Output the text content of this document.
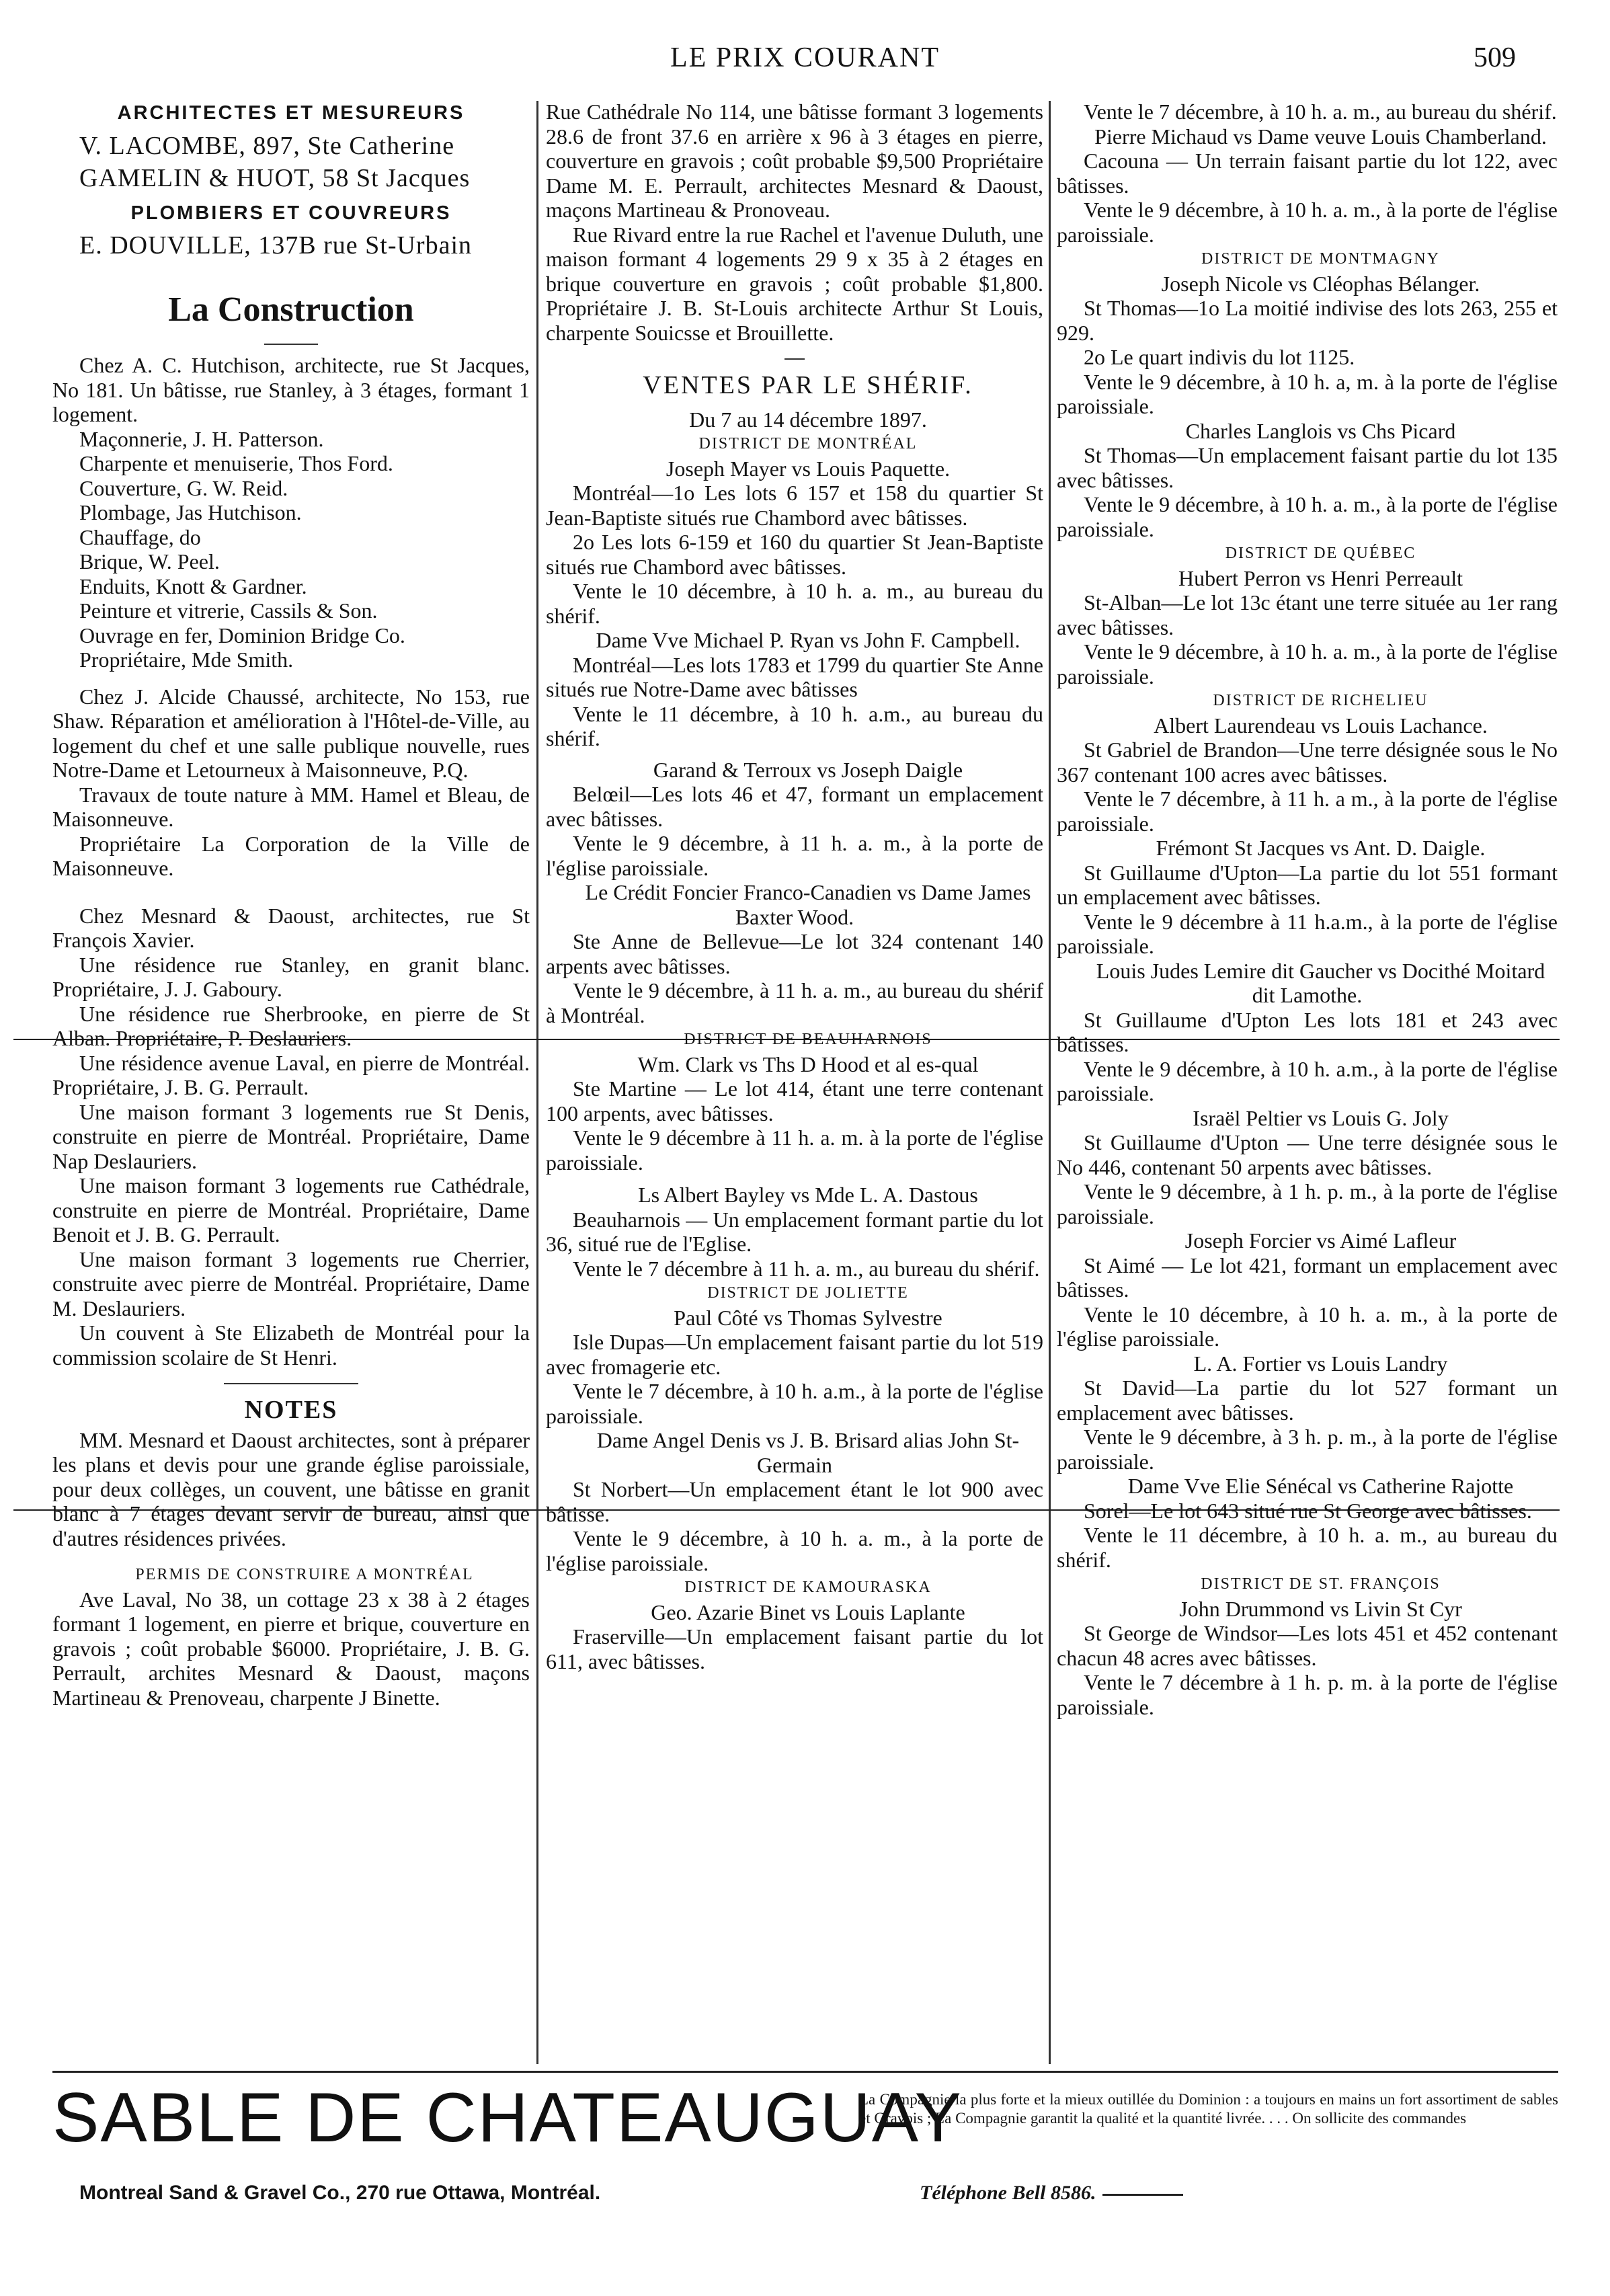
LE PRIX COURANT	509
ARCHITECTES ET MESUREURS

V. LACOMBE, 897, Ste Catherine

GAMELIN & HUOT, 58 St Jacques

PLOMBIERS ET COUVREURS

E. DOUVILLE, 137B rue St-Urbain

La Construction

Chez A. C. Hutchison, architecte, rue St Jacques, No 181. Un bâtisse, rue Stanley, à 3 étages, formant 1 logement.

Maçonnerie, J. H. Patterson.

Charpente et menuiserie, Thos Ford.

Couverture, G. W. Reid.

Plombage, Jas Hutchison.

Chauffage, do

Brique, W. Peel.

Enduits, Knott & Gardner.

Peinture et vitrerie, Cassils & Son.

Ouvrage en fer, Dominion Bridge Co.

Propriétaire, Mde Smith.

Chez J. Alcide Chaussé, architecte, No 153, rue Shaw. Réparation et amélioration à l'Hôtel-de-Ville, au logement du chef et une salle publique nouvelle, rues Notre-Dame et Letourneux à Maisonneuve, P.Q.

Travaux de toute nature à MM. Hamel et Bleau, de Maisonneuve.

Propriétaire La Corporation de la Ville de Maisonneuve.

Chez Mesnard & Daoust, architectes, rue St François Xavier.

Une résidence rue Stanley, en granit blanc. Propriétaire, J. J. Gaboury.

Une résidence rue Sherbrooke, en pierre de St Alban. Propriétaire, P. Deslauriers.

Une résidence avenue Laval, en pierre de Montréal. Propriétaire, J. B. G. Perrault.

Une maison formant 3 logements rue St Denis, construite en pierre de Montréal. Propriétaire, Dame Nap Deslauriers.

Une maison formant 3 logements rue Cathédrale, construite en pierre de Montréal. Propriétaire, Dame Benoit et J. B. G. Perrault.

Une maison formant 3 logements rue Cherrier, construite avec pierre de Montréal. Propriétaire, Dame M. Deslauriers.

Un couvent à Ste Elizabeth de Montréal pour la commission scolaire de St Henri.

NOTES

MM. Mesnard et Daoust architectes, sont à préparer les plans et devis pour une grande église paroissiale, pour deux collèges, un couvent, une bâtisse en granit blanc à 7 étages devant servir de bureau, ainsi que d'autres résidences privées.

PERMIS DE CONSTRUIRE A MONTRÉAL

Ave Laval, No 38, un cottage 23 x 38 à 2 étages formant 1 logement, en pierre et brique, couverture en gravois ; coût probable $6000. Propriétaire, J. B. G. Perrault, archites Mesnard & Daoust, maçons Martineau & Prenoveau, charpente J Binette.

Rue Cathédrale No 114, une bâtisse formant 3 logements 28.6 de front 37.6 en arrière x 96 à 3 étages en pierre, couverture en gravois ; coût probable $9,500 Propriétaire Dame M. E. Perrault, architectes Mesnard & Daoust, maçons Martineau & Pronoveau.

Rue Rivard entre la rue Rachel et l'avenue Duluth, une maison formant 4 logements 29 9 x 35 à 2 étages en brique couverture en gravois ; coût probable $1,800. Propriétaire J. B. St-Louis architecte Arthur St Louis, charpente Souicsse et Brouillette.

VENTES PAR LE SHÉRIF.

Du 7 au 14 décembre 1897.

DISTRICT DE MONTRÉAL

Joseph Mayer vs Louis Paquette.

Montréal—1o Les lots 6 157 et 158 du quartier St Jean-Baptiste situés rue Chambord avec bâtisses.

2o Les lots 6-159 et 160 du quartier St Jean-Baptiste situés rue Chambord avec bâtisses.

Vente le 10 décembre, à 10 h. a. m., au bureau du shérif.

Dame Vve Michael P. Ryan vs John F. Campbell.

Montréal—Les lots 1783 et 1799 du quartier Ste Anne situés rue Notre-Dame avec bâtisses

Vente le 11 décembre, à 10 h. a.m., au bureau du shérif.

Garand & Terroux vs Joseph Daigle

Belœil—Les lots 46 et 47, formant un emplacement avec bâtisses.

Vente le 9 décembre, à 11 h. a. m., à la porte de l'église paroissiale.

Le Crédit Foncier Franco-Canadien vs Dame James Baxter Wood.

Ste Anne de Bellevue—Le lot 324 contenant 140 arpents avec bâtisses.

Vente le 9 décembre, à 11 h. a. m., au bureau du shérif à Montréal.

DISTRICT DE BEAUHARNOIS

Wm. Clark vs Ths D Hood et al es-qual

Ste Martine — Le lot 414, étant une terre contenant 100 arpents, avec bâtisses.

Vente le 9 décembre à 11 h. a. m. à la porte de l'église paroissiale.

Ls Albert Bayley vs Mde L. A. Dastous

Beauharnois — Un emplacement formant partie du lot 36, situé rue de l'Eglise.

Vente le 7 décembre à 11 h. a. m., au bureau du shérif.

DISTRICT DE JOLIETTE

Paul Côté vs Thomas Sylvestre

Isle Dupas—Un emplacement faisant partie du lot 519 avec fromagerie etc.

Vente le 7 décembre, à 10 h. a.m., à la porte de l'église paroissiale.

Dame Angel Denis vs J. B. Brisard alias John St-Germain

St Norbert—Un emplacement étant le lot 900 avec bâtisse.

Vente le 9 décembre, à 10 h. a. m., à la porte de l'église paroissiale.

DISTRICT DE KAMOURASKA

Geo. Azarie Binet vs Louis Laplante

Fraserville—Un emplacement faisant partie du lot 611, avec bâtisses.

Vente le 7 décembre, à 10 h. a. m., au bureau du shérif.

Pierre Michaud vs Dame veuve Louis Chamberland.

Cacouna — Un terrain faisant partie du lot 122, avec bâtisses.

Vente le 9 décembre, à 10 h. a. m., à la porte de l'église paroissiale.

DISTRICT DE MONTMAGNY

Joseph Nicole vs Cléophas Bélanger.

St Thomas—1o La moitié indivise des lots 263, 255 et 929.

2o Le quart indivis du lot 1125.

Vente le 9 décembre, à 10 h. a, m. à la porte de l'église paroissiale.

Charles Langlois vs Chs Picard

St Thomas—Un emplacement faisant partie du lot 135 avec bâtisses.

Vente le 9 décembre, à 10 h. a. m., à la porte de l'église paroissiale.

DISTRICT DE QUÉBEC

Hubert Perron vs Henri Perreault

St-Alban—Le lot 13c étant une terre située au 1er rang avec bâtisses.

Vente le 9 décembre, à 10 h. a. m., à la porte de l'église paroissiale.

DISTRICT DE RICHELIEU

Albert Laurendeau vs Louis Lachance.

St Gabriel de Brandon—Une terre désignée sous le No 367 contenant 100 acres avec bâtisses.

Vente le 7 décembre, à 11 h. a m., à la porte de l'église paroissiale.

Frémont St Jacques vs Ant. D. Daigle.

St Guillaume d'Upton—La partie du lot 551 formant un emplacement avec bâtisses.

Vente le 9 décembre à 11 h.a.m., à la porte de l'église paroissiale.

Louis Judes Lemire dit Gaucher vs Docithé Moitard dit Lamothe.

St Guillaume d'Upton Les lots 181 et 243 avec bâtisses.

Vente le 9 décembre, à 10 h. a.m., à la porte de l'église paroissiale.

Israël Peltier vs Louis G. Joly

St Guillaume d'Upton — Une terre désignée sous le No 446, contenant 50 arpents avec bâtisses.

Vente le 9 décembre, à 1 h. p. m., à la porte de l'église paroissiale.

Joseph Forcier vs Aimé Lafleur

St Aimé — Le lot 421, formant un emplacement avec bâtisses.

Vente le 10 décembre, à 10 h. a. m., à la porte de l'église paroissiale.

L. A. Fortier vs Louis Landry

St David—La partie du lot 527 formant un emplacement avec bâtisses.

Vente le 9 décembre, à 3 h. p. m., à la porte de l'église paroissiale.

Dame Vve Elie Sénécal vs Catherine Rajotte

Sorel—Le lot 643 situé rue St George avec bâtisses.

Vente le 11 décembre, à 10 h. a. m., au bureau du shérif.

DISTRICT DE ST. FRANÇOIS

John Drummond vs Livin St Cyr

St George de Windsor—Les lots 451 et 452 contenant chacun 48 acres avec bâtisses.

Vente le 7 décembre à 1 h. p. m. à la porte de l'église paroissiale.

SABLE DE CHATEAUGUAY
Montreal Sand & Gravel Co., 270 rue Ottawa, Montréal.
La Compagnie la plus forte et la mieux outillée du Dominion : a toujours en mains un fort assortiment de sables et Gravois ; La Compagnie garantit la qualité et la quantité livrée. . . . On sollicite des commandes
Téléphone Bell 8586.
